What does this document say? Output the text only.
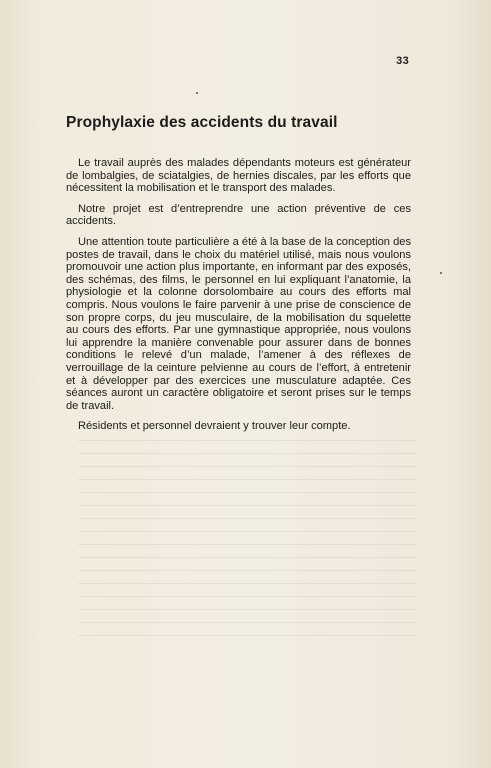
33
Prophylaxie des accidents du travail

Le travail auprès des malades dépendants moteurs est générateur de lombalgies, de sciatalgies, de hernies discales, par les efforts que nécessitent la mobilisation et le transport des malades.

Notre projet est d’entreprendre une action préventive de ces accidents.

Une attention toute particulière a été à la base de la conception des postes de travail, dans le choix du matériel utilisé, mais nous voulons promouvoir une action plus importante, en informant par des exposés, des schémas, des films, le personnel en lui expliquant l’anatomie, la physiologie et la colonne dorsolombaire au cours des efforts mal compris. Nous voulons le faire parvenir à une prise de conscience de son propre corps, du jeu musculaire, de la mobilisation du squelette au cours des efforts. Par une gymnastique appropriée, nous voulons lui apprendre la manière convenable pour assurer dans de bonnes conditions le relevé d’un malade, l’amener à des réflexes de verrouillage de la ceinture pelvienne au cours de l’effort, à entretenir et à développer par des exercices une musculature adaptée. Ces séances auront un caractère obligatoire et seront prises sur le temps de travail.

Résidents et personnel devraient y trouver leur compte.
